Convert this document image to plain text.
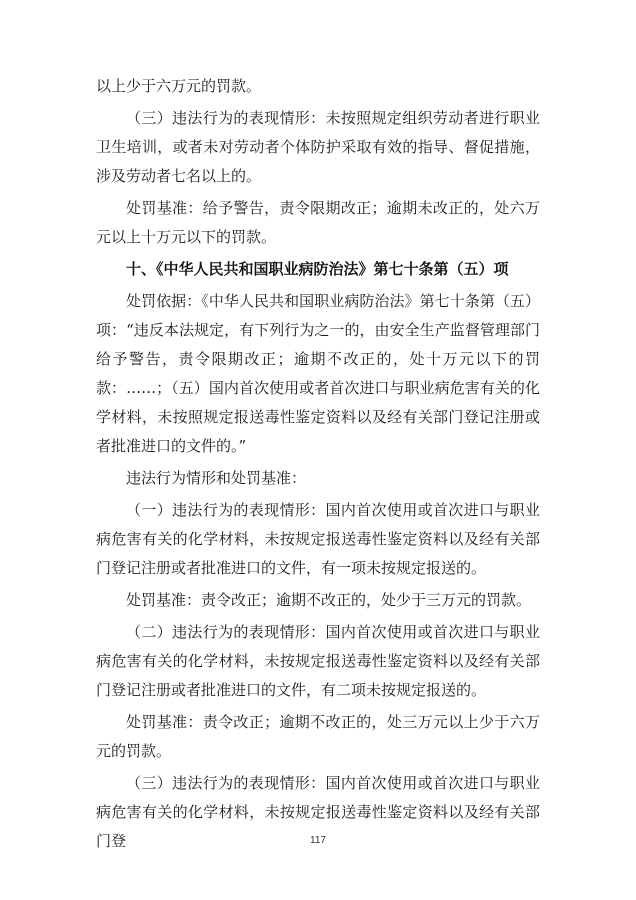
以上少于六万元的罚款。

（三）违法行为的表现情形：未按照规定组织劳动者进行职业卫生培训，或者未对劳动者个体防护采取有效的指导、督促措施，涉及劳动者七名以上的。

处罚基准：给予警告，责令限期改正；逾期未改正的，处六万元以上十万元以下的罚款。

十、《中华人民共和国职业病防治法》第七十条第（五）项

处罚依据：《中华人民共和国职业病防治法》第七十条第（五）项：“违反本法规定，有下列行为之一的，由安全生产监督管理部门给予警告，责令限期改正；逾期不改正的，处十万元以下的罚款：……；（五）国内首次使用或者首次进口与职业病危害有关的化学材料，未按照规定报送毒性鉴定资料以及经有关部门登记注册或者批准进口的文件的。”

违法行为情形和处罚基准：

（一）违法行为的表现情形：国内首次使用或首次进口与职业病危害有关的化学材料，未按规定报送毒性鉴定资料以及经有关部门登记注册或者批准进口的文件，有一项未按规定报送的。

处罚基准：责令改正；逾期不改正的，处少于三万元的罚款。

（二）违法行为的表现情形：国内首次使用或首次进口与职业病危害有关的化学材料，未按规定报送毒性鉴定资料以及经有关部门登记注册或者批准进口的文件，有二项未按规定报送的。

处罚基准：责令改正；逾期不改正的，处三万元以上少于六万元的罚款。

（三）违法行为的表现情形：国内首次使用或首次进口与职业病危害有关的化学材料，未按规定报送毒性鉴定资料以及经有关部门登	117
